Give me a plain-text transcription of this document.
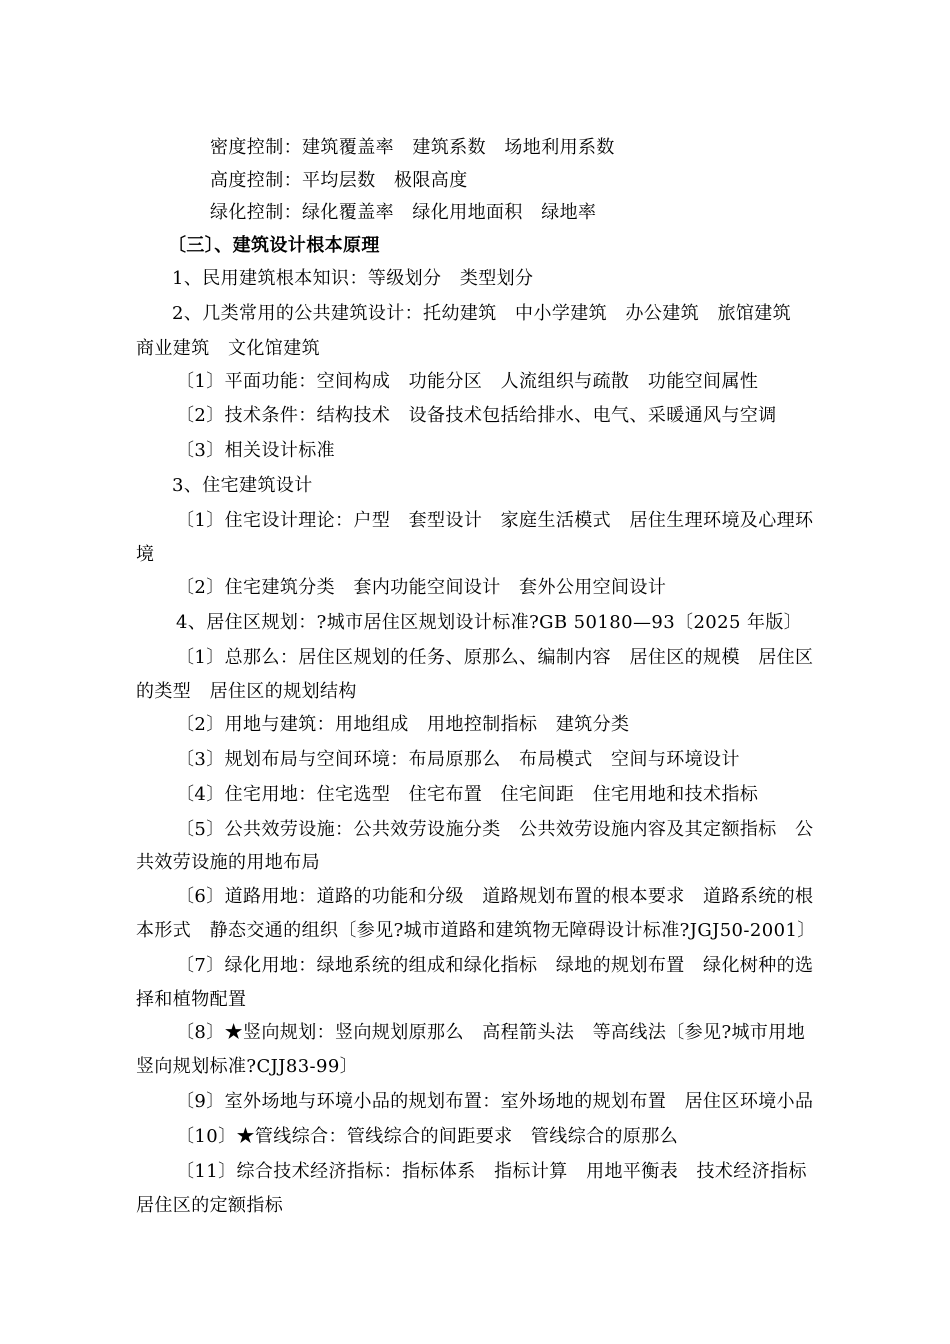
密度控制：建筑覆盖率　建筑系数　场地利用系数
高度控制：平均层数　极限高度
绿化控制：绿化覆盖率　绿化用地面积　绿地率
〔三〕、建筑设计根本原理
1、民用建筑根本知识：等级划分　类型划分
2、几类常用的公共建筑设计：托幼建筑　中小学建筑　办公建筑　旅馆建筑
商业建筑　文化馆建筑
〔1〕平面功能：空间构成　功能分区　人流组织与疏散　功能空间属性
〔2〕技术条件：结构技术　设备技术包括给排水、电气、采暖通风与空调
〔3〕相关设计标准
3、住宅建筑设计
〔1〕住宅设计理论：户型　套型设计　家庭生活模式　居住生理环境及心理环
境
〔2〕住宅建筑分类　套内功能空间设计　套外公用空间设计
4、居住区规划：?城市居住区规划设计标准?GB 50180—93〔2025 年版〕
〔1〕总那么：居住区规划的任务、原那么、编制内容　居住区的规模　居住区
的类型　居住区的规划结构
〔2〕用地与建筑：用地组成　用地控制指标　建筑分类
〔3〕规划布局与空间环境：布局原那么　布局模式　空间与环境设计
〔4〕住宅用地：住宅选型　住宅布置　住宅间距　住宅用地和技术指标
〔5〕公共效劳设施：公共效劳设施分类　公共效劳设施内容及其定额指标　公
共效劳设施的用地布局
〔6〕道路用地：道路的功能和分级　道路规划布置的根本要求　道路系统的根
本形式　静态交通的组织〔参见?城市道路和建筑物无障碍设计标准?JGJ50-2001〕
〔7〕绿化用地：绿地系统的组成和绿化指标　绿地的规划布置　绿化树种的选
择和植物配置
〔8〕★竖向规划：竖向规划原那么　高程箭头法　等高线法〔参见?城市用地
竖向规划标准?CJJ83-99〕
〔9〕室外场地与环境小品的规划布置：室外场地的规划布置　居住区环境小品
〔10〕★管线综合：管线综合的间距要求　管线综合的原那么
〔11〕综合技术经济指标：指标体系　指标计算　用地平衡表　技术经济指标
居住区的定额指标
